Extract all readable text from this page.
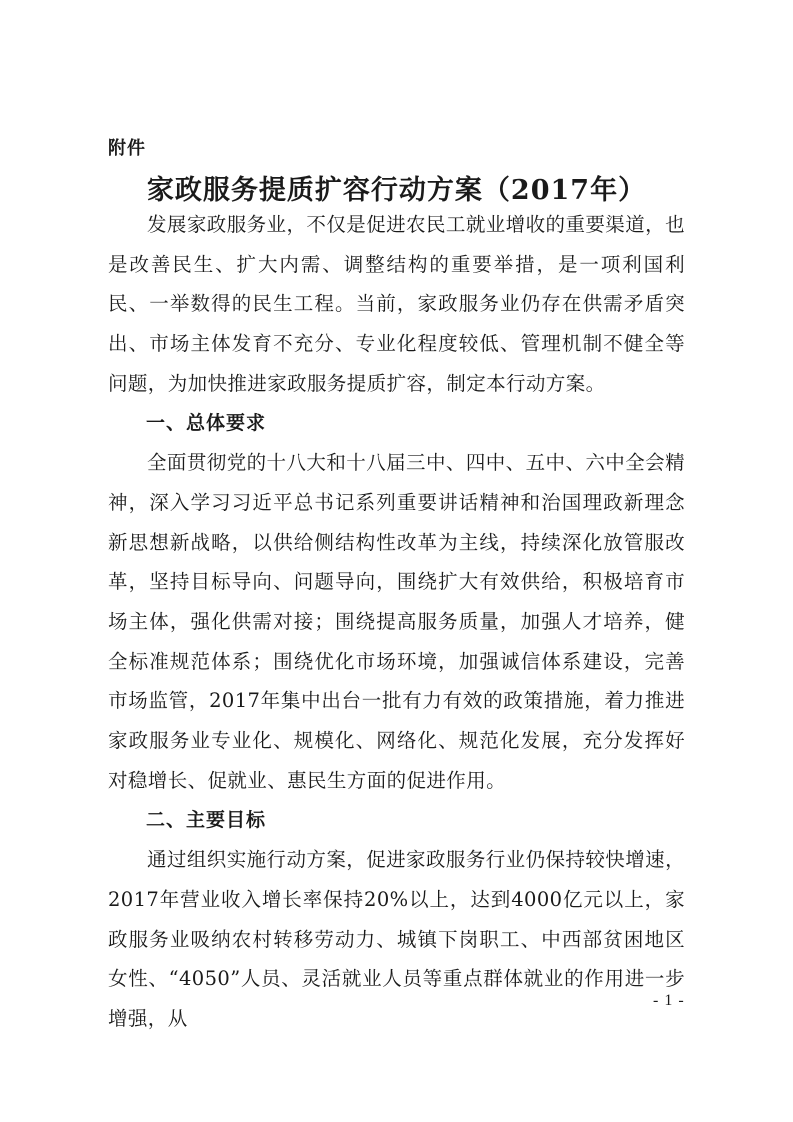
附件
家政服务提质扩容行动方案（2017年）

发展家政服务业，不仅是促进农民工就业增收的重要渠道，也是改善民生、扩大内需、调整结构的重要举措，是一项利国利民、一举数得的民生工程。当前，家政服务业仍存在供需矛盾突出、市场主体发育不充分、专业化程度较低、管理机制不健全等问题，为加快推进家政服务提质扩容，制定本行动方案。

一、总体要求

全面贯彻党的十八大和十八届三中、四中、五中、六中全会精神，深入学习习近平总书记系列重要讲话精神和治国理政新理念新思想新战略，以供给侧结构性改革为主线，持续深化放管服改革，坚持目标导向、问题导向，围绕扩大有效供给，积极培育市场主体，强化供需对接；围绕提高服务质量，加强人才培养，健全标准规范体系；围绕优化市场环境，加强诚信体系建设，完善市场监管，2017年集中出台一批有力有效的政策措施，着力推进家政服务业专业化、规模化、网络化、规范化发展，充分发挥好对稳增长、促就业、惠民生方面的促进作用。

二、主要目标

通过组织实施行动方案，促进家政服务行业仍保持较快增速，2017年营业收入增长率保持20%以上，达到4000亿元以上，家政服务业吸纳农村转移劳动力、城镇下岗职工、中西部贫困地区女性、“4050”人员、灵活就业人员等重点群体就业的作用进一步增强，从

- 1 -
